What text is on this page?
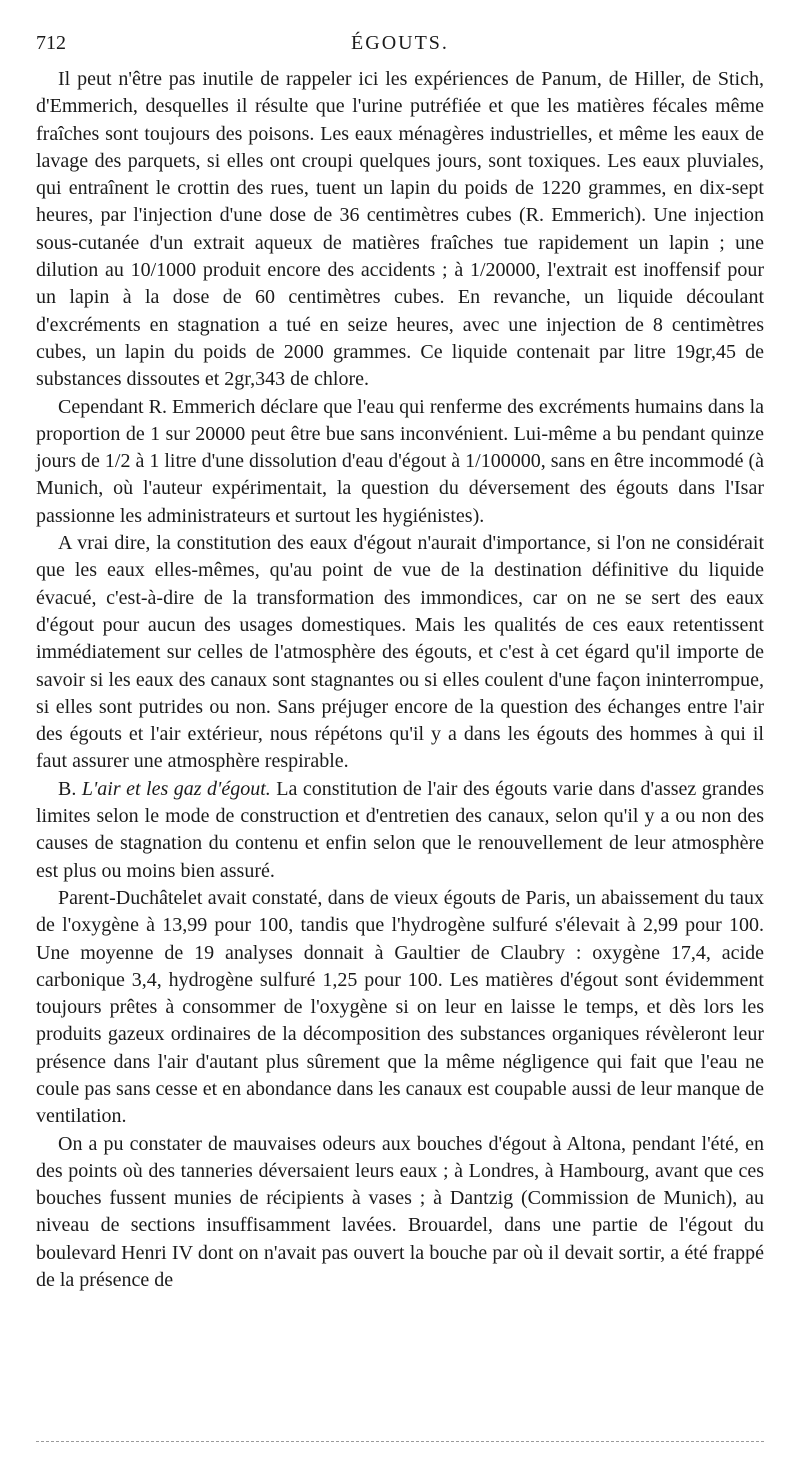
712	ÉGOUTS.

Il peut n'être pas inutile de rappeler ici les expériences de Panum, de Hiller, de Stich, d'Emmerich, desquelles il résulte que l'urine putréfiée et que les matières fécales même fraîches sont toujours des poisons. Les eaux ménagères industrielles, et même les eaux de lavage des parquets, si elles ont croupi quelques jours, sont toxiques. Les eaux pluviales, qui entraînent le crottin des rues, tuent un lapin du poids de 1220 grammes, en dix-sept heures, par l'injection d'une dose de 36 centimètres cubes (R. Emmerich). Une injection sous-cutanée d'un extrait aqueux de matières fraîches tue rapidement un lapin ; une dilution au 10/1000 produit encore des accidents ; à 1/20000, l'extrait est inoffensif pour un lapin à la dose de 60 centimètres cubes. En revanche, un liquide découlant d'excréments en stagnation a tué en seize heures, avec une injection de 8 centimètres cubes, un lapin du poids de 2000 grammes. Ce liquide contenait par litre 19gr,45 de substances dissoutes et 2gr,343 de chlore.

Cependant R. Emmerich déclare que l'eau qui renferme des excréments humains dans la proportion de 1 sur 20000 peut être bue sans inconvénient. Lui-même a bu pendant quinze jours de 1/2 à 1 litre d'une dissolution d'eau d'égout à 1/100000, sans en être incommodé (à Munich, où l'auteur expérimentait, la question du déversement des égouts dans l'Isar passionne les administrateurs et surtout les hygiénistes).

A vrai dire, la constitution des eaux d'égout n'aurait d'importance, si l'on ne considérait que les eaux elles-mêmes, qu'au point de vue de la destination définitive du liquide évacué, c'est-à-dire de la transformation des immondices, car on ne se sert des eaux d'égout pour aucun des usages domestiques. Mais les qualités de ces eaux retentissent immédiatement sur celles de l'atmosphère des égouts, et c'est à cet égard qu'il importe de savoir si les eaux des canaux sont stagnantes ou si elles coulent d'une façon ininterrompue, si elles sont putrides ou non. Sans préjuger encore de la question des échanges entre l'air des égouts et l'air extérieur, nous répétons qu'il y a dans les égouts des hommes à qui il faut assurer une atmosphère respirable.

B. L'air et les gaz d'égout. La constitution de l'air des égouts varie dans d'assez grandes limites selon le mode de construction et d'entretien des canaux, selon qu'il y a ou non des causes de stagnation du contenu et enfin selon que le renouvellement de leur atmosphère est plus ou moins bien assuré.

Parent-Duchâtelet avait constaté, dans de vieux égouts de Paris, un abaissement du taux de l'oxygène à 13,99 pour 100, tandis que l'hydrogène sulfuré s'élevait à 2,99 pour 100. Une moyenne de 19 analyses donnait à Gaultier de Claubry : oxygène 17,4, acide carbonique 3,4, hydrogène sulfuré 1,25 pour 100. Les matières d'égout sont évidemment toujours prêtes à consommer de l'oxygène si on leur en laisse le temps, et dès lors les produits gazeux ordinaires de la décomposition des substances organiques révèleront leur présence dans l'air d'autant plus sûrement que la même négligence qui fait que l'eau ne coule pas sans cesse et en abondance dans les canaux est coupable aussi de leur manque de ventilation.

On a pu constater de mauvaises odeurs aux bouches d'égout à Altona, pendant l'été, en des points où des tanneries déversaient leurs eaux ; à Londres, à Hambourg, avant que ces bouches fussent munies de récipients à vases ; à Dantzig (Commission de Munich), au niveau de sections insuffisamment lavées. Brouardel, dans une partie de l'égout du boulevard Henri IV dont on n'avait pas ouvert la bouche par où il devait sortir, a été frappé de la présence de
